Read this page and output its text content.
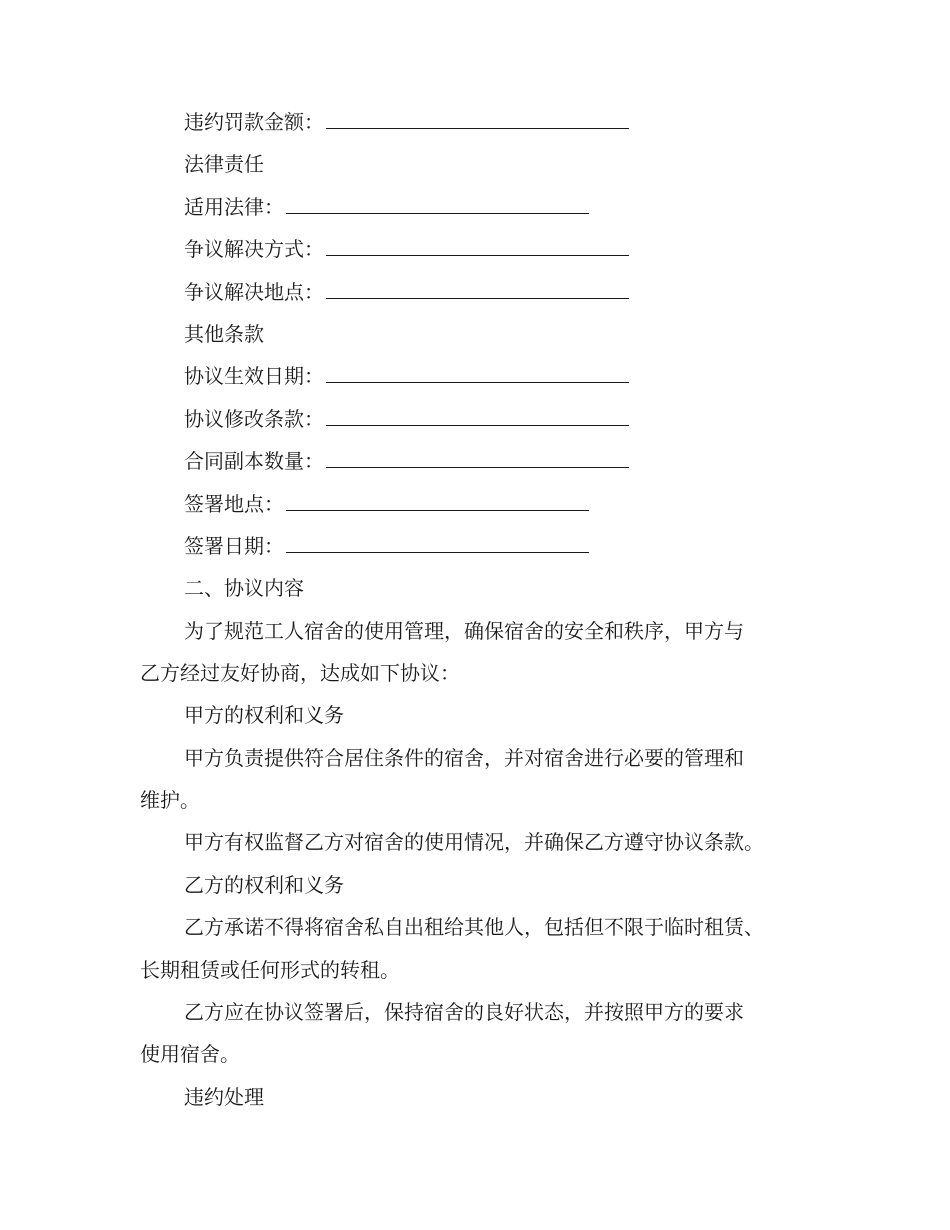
违约罚款金额：
法律责任
适用法律：
争议解决方式：
争议解决地点：
其他条款
协议生效日期：
协议修改条款：
合同副本数量：
签署地点：
签署日期：
二、协议内容
为了规范工人宿舍的使用管理，确保宿舍的安全和秩序，甲方与
乙方经过友好协商，达成如下协议：
甲方的权利和义务
甲方负责提供符合居住条件的宿舍，并对宿舍进行必要的管理和
维护。
甲方有权监督乙方对宿舍的使用情况，并确保乙方遵守协议条款。
乙方的权利和义务
乙方承诺不得将宿舍私自出租给其他人，包括但不限于临时租赁、
长期租赁或任何形式的转租。
乙方应在协议签署后，保持宿舍的良好状态，并按照甲方的要求
使用宿舍。
违约处理
